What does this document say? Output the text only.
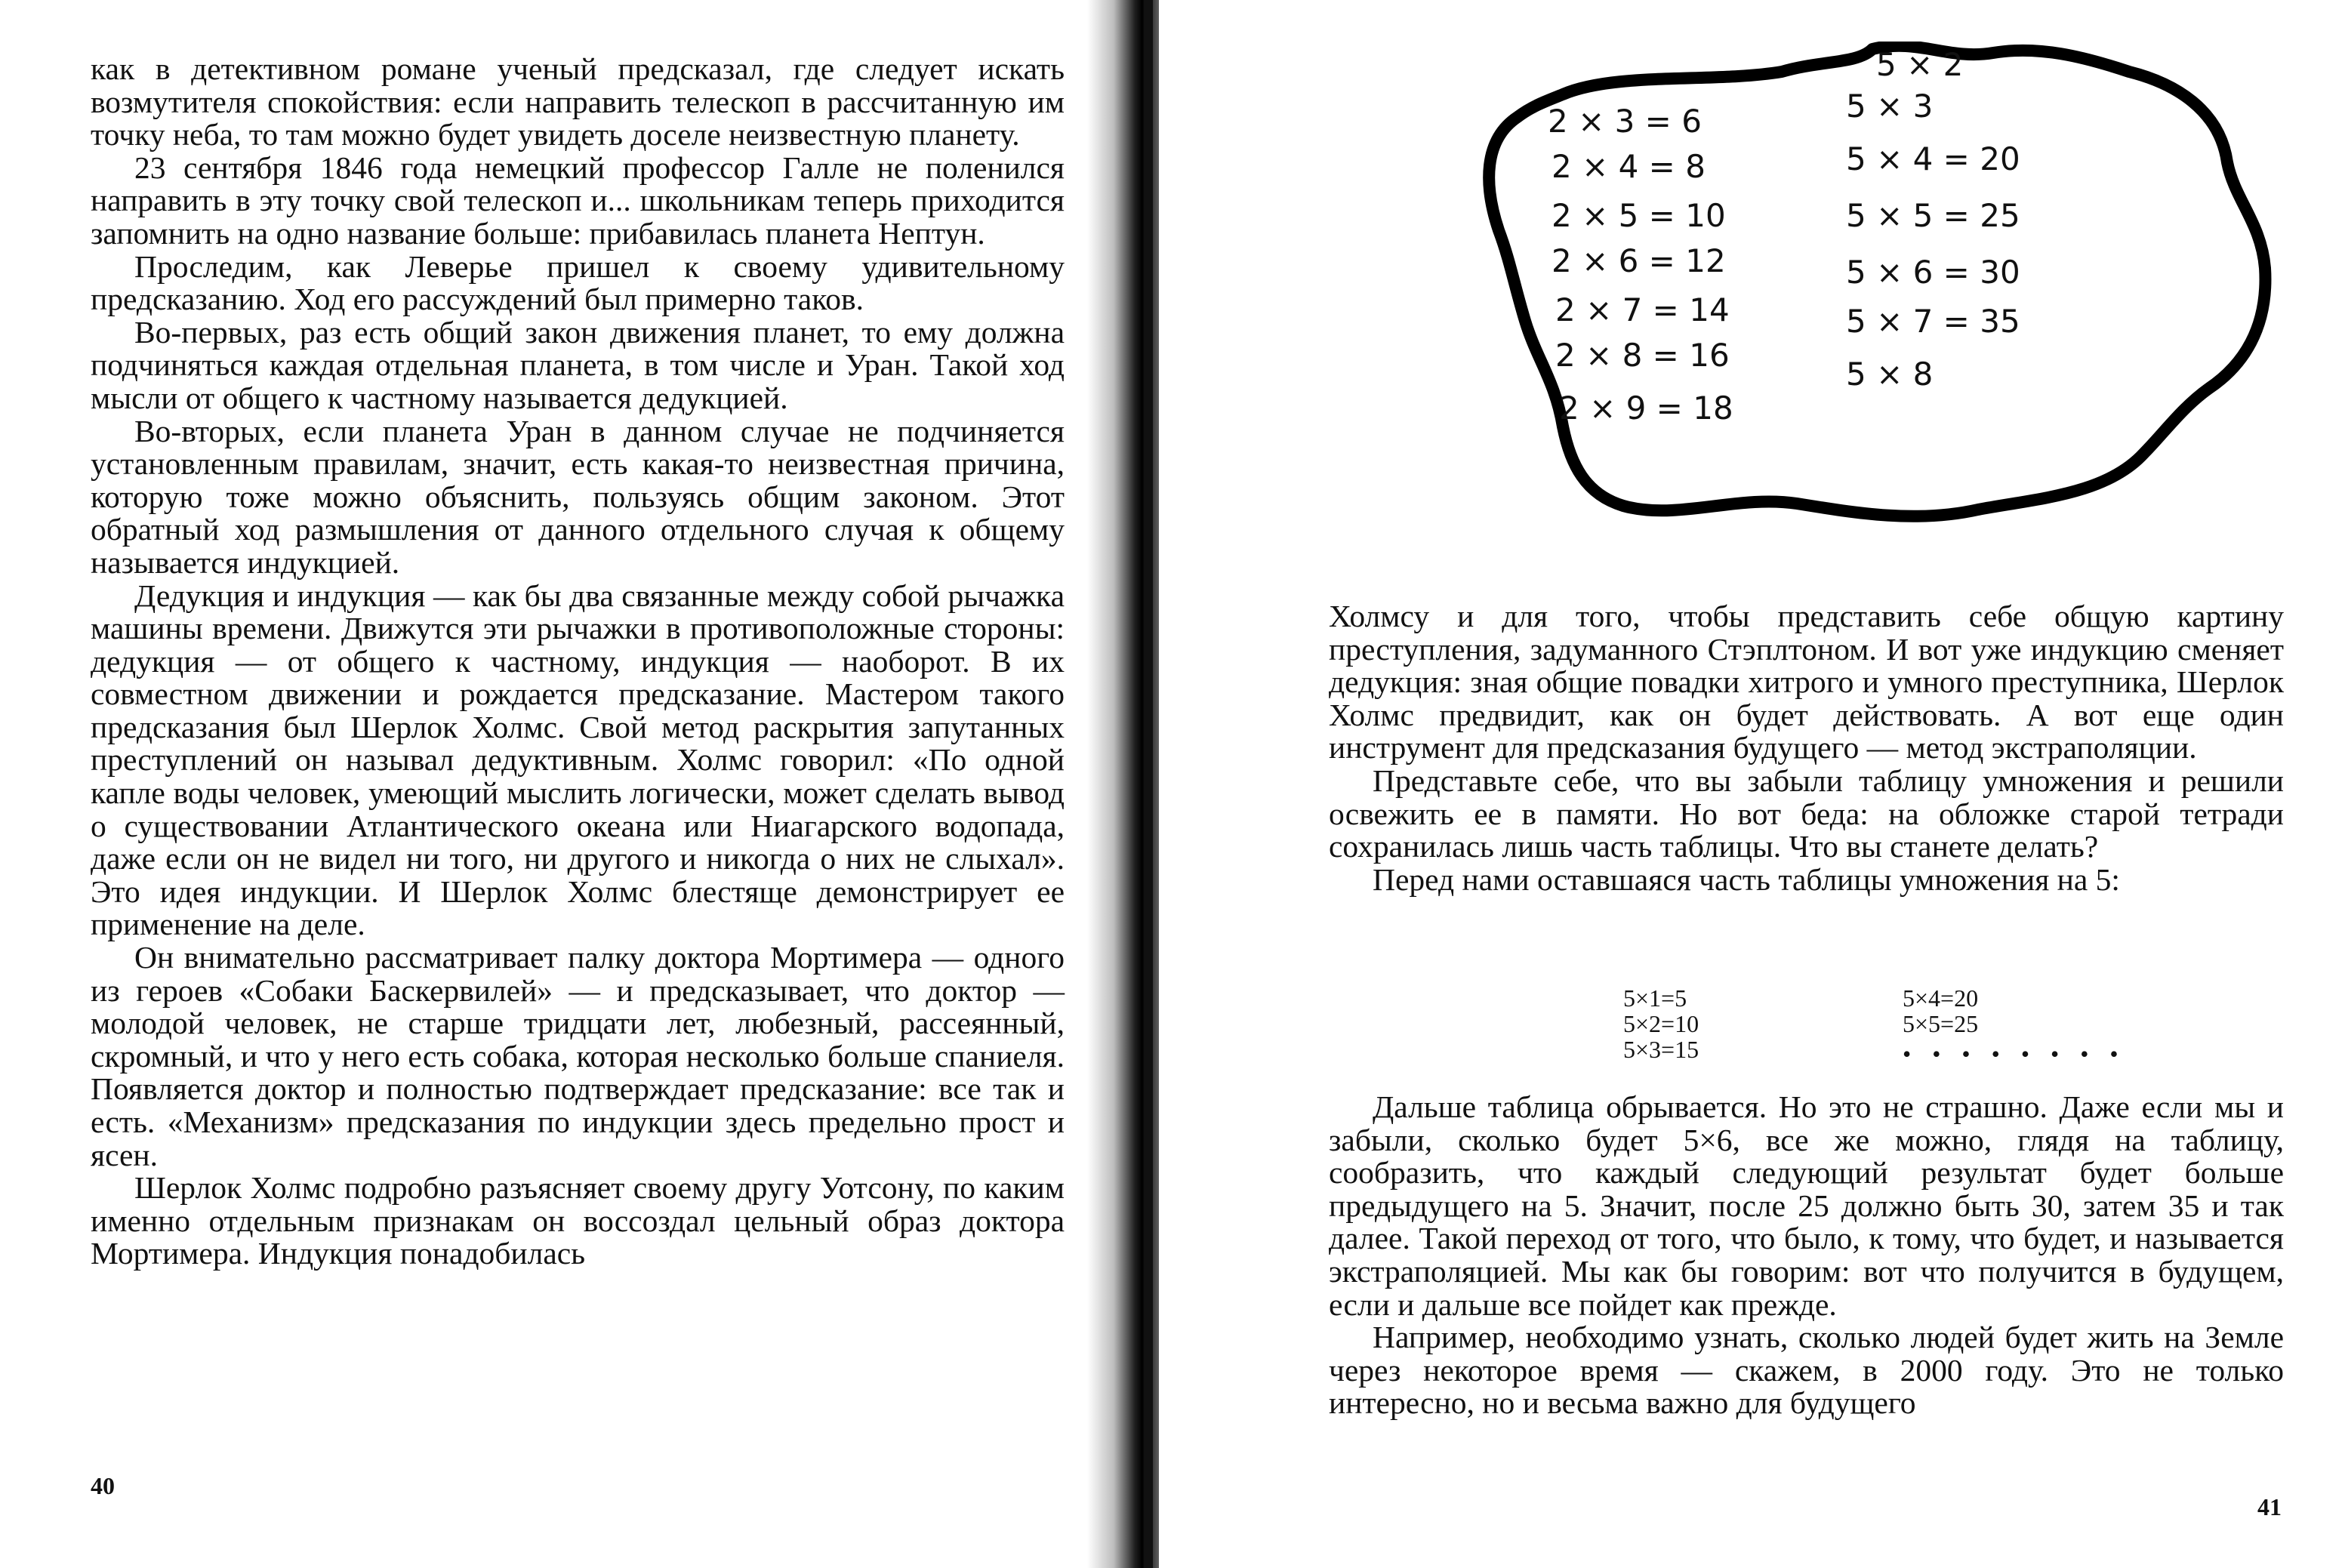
как в детективном романе ученый предсказал, где следует искать возмутителя спокойствия: если направить телескоп в рассчитанную им точку неба, то там можно будет увидеть доселе неизвестную планету.

23 сентября 1846 года немецкий профессор Галле не поленился направить в эту точку свой телескоп и... школьникам теперь приходится запомнить на одно название больше: прибавилась планета Нептун.

Проследим, как Леверье пришел к своему удивительному предсказанию. Ход его рассуждений был примерно таков.

Во-первых, раз есть общий закон движения планет, то ему должна подчиняться каждая отдельная планета, в том числе и Уран. Такой ход мысли от общего к частному называется дедукцией.

Во-вторых, если планета Уран в данном случае не подчиняется установленным правилам, значит, есть какая-то неизвестная причина, которую тоже можно объяснить, пользуясь общим законом. Этот обратный ход размышления от данного отдельного случая к общему называется индукцией.

Дедукция и индукция — как бы два связанные между собой рычажка машины времени. Движутся эти рычажки в противоположные стороны: дедукция — от общего к частному, индукция — наоборот. В их совместном движении и рождается предсказание. Мастером такого предсказания был Шерлок Холмс. Свой метод раскрытия запутанных преступлений он называл дедуктивным. Холмс говорил: «По одной капле воды человек, умеющий мыслить логически, может сделать вывод о существовании Атлантического океана или Ниагарского водопада, даже если он не видел ни того, ни другого и никогда о них не слыхал». Это идея индукции. И Шерлок Холмс блестяще демонстрирует ее применение на деле.

Он внимательно рассматривает палку доктора Мортимера — одного из героев «Собаки Баскервилей» — и предсказывает, что доктор — молодой человек, не старше тридцати лет, любезный, рассеянный, скромный, и что у него есть собака, которая несколько больше спаниеля. Появляется доктор и полностью подтверждает предсказание: все так и есть. «Механизм» предсказания по индукции здесь предельно прост и ясен.

Шерлок Холмс подробно разъясняет своему другу Уотсону, по каким именно отдельным признакам он воссоздал цельный образ доктора Мортимера. Индукция понадобилась

40
5 × 2
2 × 3 = 6
2 × 4 = 8
2 × 5 = 10
2 × 6 = 12
2 × 7 = 14
2 × 8 = 16
2 × 9 = 18
5 × 3
5 × 4 = 20
5 × 5 = 25
5 × 6 = 30
5 × 7 = 35
5 × 8

Холмсу и для того, чтобы представить себе общую картину преступления, задуманного Стэплтоном. И вот уже индукцию сменяет дедукция: зная общие повадки хитрого и умного преступника, Шерлок Холмс предвидит, как он будет действовать. А вот еще один инструмент для предсказания будущего — метод экстраполяции.

Представьте себе, что вы забыли таблицу умножения и решили освежить ее в памяти. Но вот беда: на обложке старой тетради сохранилась лишь часть таблицы. Что вы станете делать?

Перед нами оставшаяся часть таблицы умножения на 5:

5×1=5
5×2=10
5×3=15
5×4=20
5×5=25
• • • • • • • •

Дальше таблица обрывается. Но это не страшно. Даже если мы и забыли, сколько будет 5×6, все же можно, глядя на таблицу, сообразить, что каждый следующий результат будет больше предыдущего на 5. Значит, после 25 должно быть 30, затем 35 и так далее. Такой переход от того, что было, к тому, что будет, и называется экстраполяцией. Мы как бы говорим: вот что получится в будущем, если и дальше все пойдет как прежде.

Например, необходимо узнать, сколько людей будет жить на Земле через некоторое время — скажем, в 2000 году. Это не только интересно, но и весьма важно для будущего

41
